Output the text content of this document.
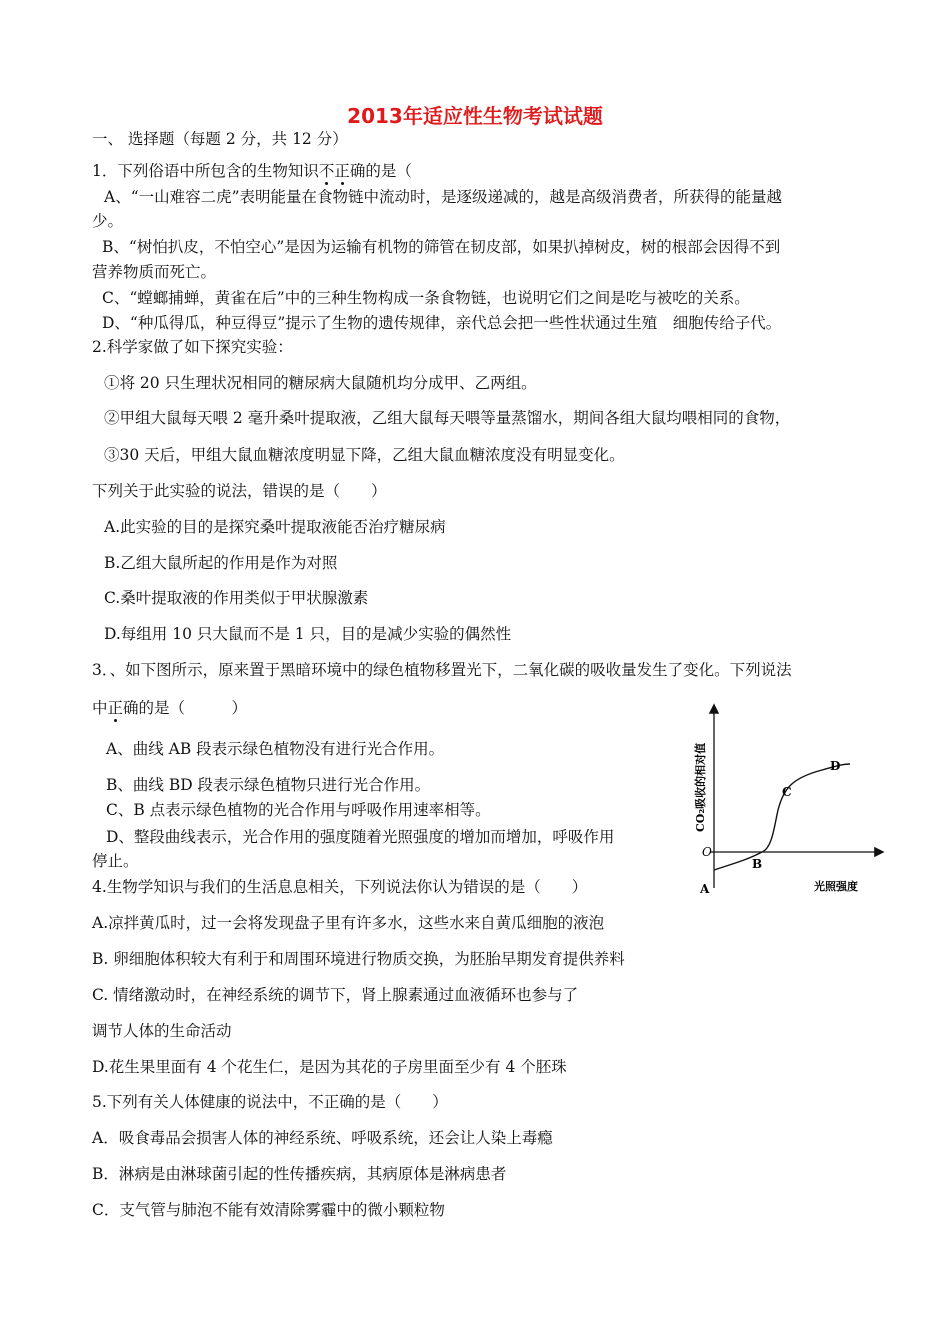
2013年适应性生物考试试题
一、 选择题（每题 2 分，共 12 分）
1．下列俗语中所包含的生物知识不正确的是（
A、“一山难容二虎”表明能量在食物链中流动时，是逐级递减的，越是高级消费者，所获得的能量越
少。
B、“树怕扒皮，不怕空心”是因为运输有机物的筛管在韧皮部，如果扒掉树皮，树的根部会因得不到
营养物质而死亡。
C、“螳螂捕蝉，黄雀在后”中的三种生物构成一条食物链，也说明它们之间是吃与被吃的关系。
D、“种瓜得瓜，种豆得豆”提示了生物的遗传规律，亲代总会把一些性状通过生殖　细胞传给子代。
2.科学家做了如下探究实验：
①将 20 只生理状况相同的糖尿病大鼠随机均分成甲、乙两组。
②甲组大鼠每天喂 2 毫升桑叶提取液，乙组大鼠每天喂等量蒸馏水，期间各组大鼠均喂相同的食物，
③30 天后，甲组大鼠血糖浓度明显下降，乙组大鼠血糖浓度没有明显变化。
下列关于此实验的说法，错误的是（　　）
A.此实验的目的是探究桑叶提取液能否治疗糖尿病
B.乙组大鼠所起的作用是作为对照
C.桑叶提取液的作用类似于甲状腺激素
D.每组用 10 只大鼠而不是 1 只，目的是减少实验的偶然性
3．、如下图所示，原来置于黑暗环境中的绿色植物移置光下，二氧化碳的吸收量发生了变化。下列说法
中正确的是（　　　）
A、曲线 AB 段表示绿色植物没有进行光合作用。
B、曲线 BD 段表示绿色植物只进行光合作用。
C、B 点表示绿色植物的光合作用与呼吸作用速率相等。
D、整段曲线表示，光合作用的强度随着光照强度的增加而增加，呼吸作用
停止。
CO₂吸收的相对值
O
A
B
C
D
光照强度
4.生物学知识与我们的生活息息相关，下列说法你认为错误的是（　　）
A.凉拌黄瓜时，过一会将发现盘子里有许多水，这些水来自黄瓜细胞的液泡
B. 卵细胞体积较大有利于和周围环境进行物质交换，为胚胎早期发育提供养料
C. 情绪激动时，在神经系统的调节下，肾上腺素通过血液循环也参与了
调节人体的生命活动
D.花生果里面有 4 个花生仁，是因为其花的子房里面至少有 4 个胚珠
5.下列有关人体健康的说法中，不正确的是（　　）
A．吸食毒品会损害人体的神经系统、呼吸系统，还会让人染上毒瘾
B．淋病是由淋球菌引起的性传播疾病，其病原体是淋病患者
C．支气管与肺泡不能有效清除雾霾中的微小颗粒物
